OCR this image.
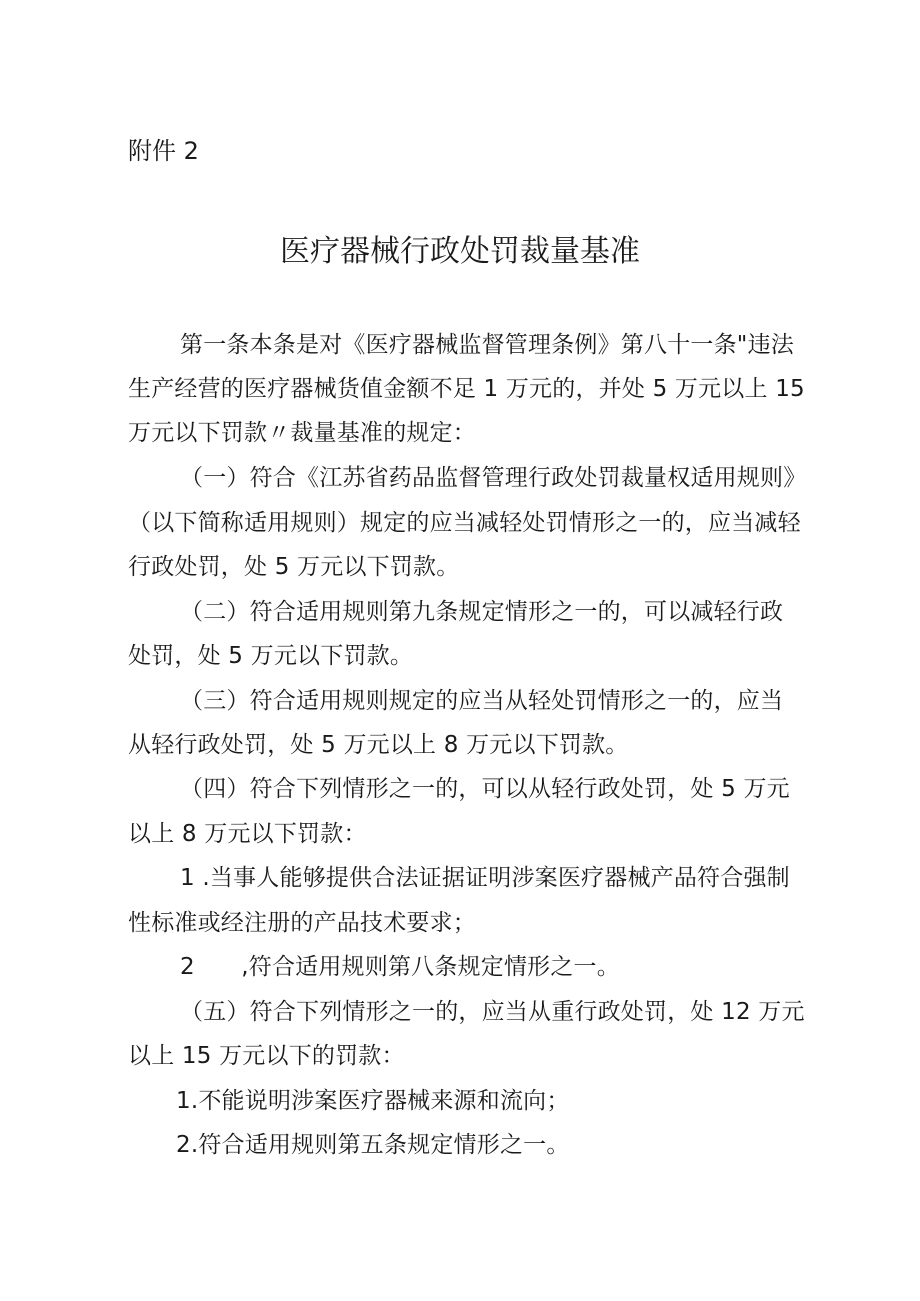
附件 2
医疗器械行政处罚裁量基准
第一条本条是对《医疗器械监督管理条例》第八十一条"违法
生产经营的医疗器械货值金额不足 1 万元的，并处 5 万元以上 15
万元以下罚款〃裁量基准的规定：
（一）符合《江苏省药品监督管理行政处罚裁量权适用规则》
（以下简称适用规则）规定的应当减轻处罚情形之一的，应当减轻
行政处罚，处 5 万元以下罚款。
（二）符合适用规则第九条规定情形之一的，可以减轻行政
处罚，处 5 万元以下罚款。
（三）符合适用规则规定的应当从轻处罚情形之一的，应当
从轻行政处罚，处 5 万元以上 8 万元以下罚款。
（四）符合下列情形之一的，可以从轻行政处罚，处 5 万元
以上 8 万元以下罚款：
1 .当事人能够提供合法证据证明涉案医疗器械产品符合强制
性标准或经注册的产品技术要求；
2　　,符合适用规则第八条规定情形之一。
（五）符合下列情形之一的，应当从重行政处罚，处 12 万元
以上 15 万元以下的罚款：
1.不能说明涉案医疗器械来源和流向；
2.符合适用规则第五条规定情形之一。
